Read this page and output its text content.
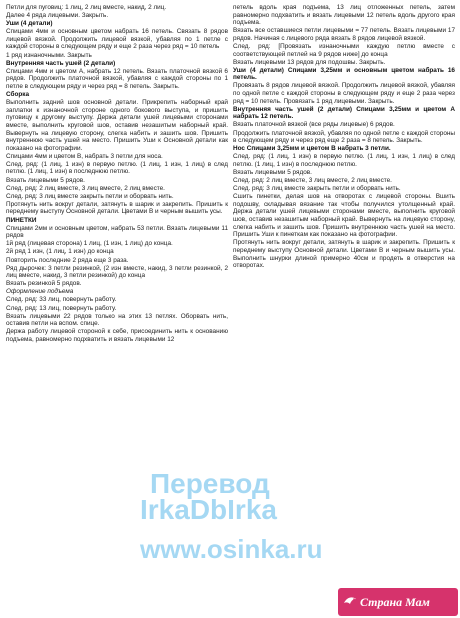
Петли для пуговиц: 1 лиц, 2 лиц вместе, накид, 2 лиц.

Далее 4 ряда лицевыми. Закрыть.

Уши (4 детали)

Спицами 4мм и основным цветом набрать 16 петель. Связать 8 рядов лицевой вязкой. Продолжить лицевой вязкой, убавляя по 1 петле с каждой стороны в следующем ряду и еще 2 раза через ряд = 10 петель

1 ряд изнаночными. Закрыть

Внутренняя часть ушей (2 детали)

Спицами 4мм и цветом А, набрать 12 петель. Вязать платочной вязкой 6 рядов. Продолжить платочной вязкой, убавляя с каждой стороны по 1 петле в следующем ряду и через ряд = 8 петель. Закрыть.

Сборка

Выполнить задний шов основной детали. Прикрепить наборный край заплатки к изнаночной стороне одного бокового выступа, и пришить пуговицу к другому выступу. Держа детали ушей лицевыми сторонами вместе, выполнить круговой шов, оставив незашитым наборный край. Вывернуть на лицевую сторону, слегка набить и зашить шов. Пришить внутреннюю часть ушей на место. Пришить Уши к Основной детали как показано на фотографии.

Спицами 4мм и цветом В, набрать 3 петли для носа.

След. ряд: (1 лиц, 1 изн) в первую петлю. (1 лиц, 1 изн, 1 лиц) в след петлю. (1 лиц, 1 изн) в последнюю петлю.

Вязать лицевыми 5 рядов.

След. ряд: 2 лиц вместе, 3 лиц вместе, 2 лиц вместе.

След. ряд: 3 лиц вместе закрыть петли и оборвать нить.

Протянуть нить вокруг детали, затянуть в шарик и закрепить. Пришить к переднему выступу Основной детали. Цветами В и черным вышить усы.

ПИНЕТКИ

Спицами 2мм и основным цветом, набрать 53 петли. Вязать лицевыми 11 рядов

1й ряд (лицевая сторона) 1 лиц, (1 изн, 1 лиц) до конца.

2й ряд 1 изн, (1 лиц, 1 изн) до конца

Повторить последние 2 ряда еще 3 раза.

Ряд дырочек: 3 петли резинкой, (2 изн вместе, накид, 3 петли резинкой, 2 лиц вместе, накид, 3 петли резинкой) до конца

Вязать резинкой 5 рядов.

Оформление подъема

След. ряд: 33 лиц, повернуть работу.

След. ряд: 13 лиц, повернуть работу.

Вязать лицевыми 22 рядов только на этих 13 петлях. Оборвать нить, оставив петли на вспом. спице.

Держа работу лицевой стороной к себе, присоединить нить к основанию подъема, равномерно подхватить и вязать лицевыми 12

петель вдоль края подъема, 13 лиц отложенных петель, затем равномерно подхватить и вязать лицевыми 12 петель вдоль другого края подъема.

Вязать все оставшиеся петли лицевыми = 77 петель. Вязать лицевыми 17 рядов. Начиная с лицевого ряда вязать 8 рядов лицевой вязкой.

След. ряд: [Провязать изнаночными каждую петлю вместе с соответствующей петлей на 9 рядов ниже] до конца

Вязать лицевыми 13 рядов для подошвы. Закрыть.

Уши (4 детали) Спицами 3,25мм и основным цветом набрать 16 петель.

Провязать 8 рядов лицевой вязкой. Продолжить лицевой вязкой, убавляя по одной петле с каждой стороны в следующем ряду и еще 2 раза через ряд = 10 петель. Провязать 1 ряд лицевыми. Закрыть.

Внутренняя часть ушей (2 детали) Спицами 3,25мм и цветом А набрать 12 петель.

Вязать платочной вязкой (все ряды лицевые) 6 рядов.

Продолжить платочной вязкой, убавляя по одной петле с каждой стороны в следующем ряду и через ряд еще 2 раза = 8 петель. Закрыть.

Нос Спицами 3,25мм и цветом В набрать 3 петли.

След. ряд: (1 лиц, 1 изн) в первую петлю. (1 лиц, 1 изн, 1 лиц) в след петлю. (1 лиц, 1 изн) в последнюю петлю.

Вязать лицевыми 5 рядов.

След. ряд: 2 лиц вместе, 3 лиц вместе, 2 лиц вместе.

След. ряд: 3 лиц вместе закрыть петли и оборвать нить.

Сшить пинетки, делая шов на отворотах с лицевой стороны. Вшить подошву, складывая вязание так чтобы получился утолщенный край. Держа детали ушей лицевыми сторонами вместе, выполнить круговой шов, оставив незашитым наборный край. Вывернуть на лицевую сторону, слегка набить и зашить шов. Пришить внутреннюю часть ушей на место. Пришить Уши к пинеткам как показано на фотографии.

Протянуть нить вокруг детали, затянуть в шарик и закрепить. Пришить к переднему выступу Основной детали. Цветами В и черным вышить усы. Выполнить шнурки длиной примерно 40см и продеть в отверстия на отворотах.

Перевод
IrkaDbIrka
www.osinka.ru
Страна Мам
